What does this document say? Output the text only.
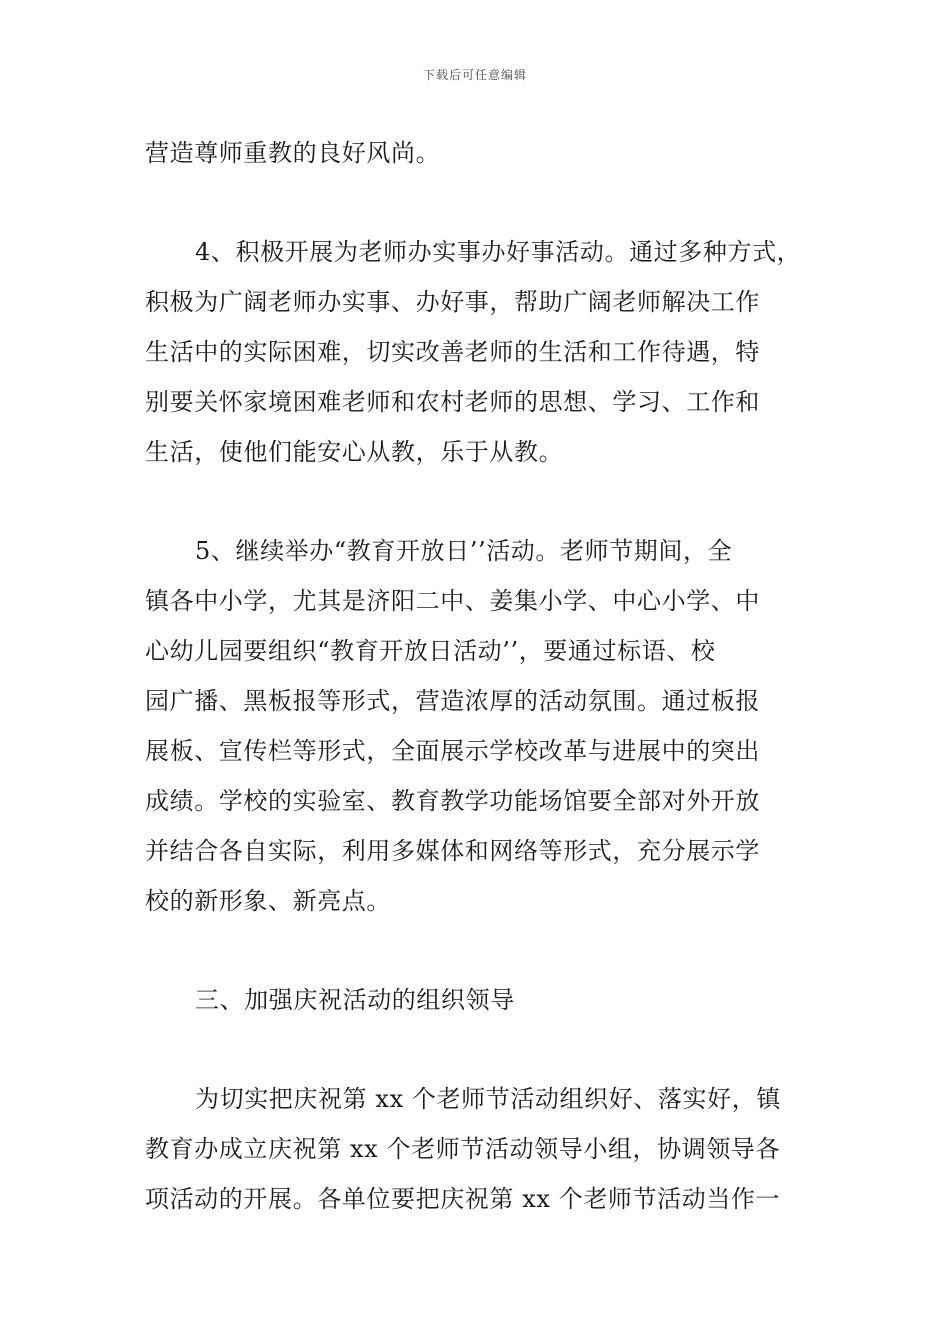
下载后可任意编辑
营造尊师重教的良好风尚。
4、积极开展为老师办实事办好事活动。通过多种方式，
积极为广阔老师办实事、办好事，帮助广阔老师解决工作
生活中的实际困难，切实改善老师的生活和工作待遇，特
别要关怀家境困难老师和农村老师的思想、学习、工作和
生活，使他们能安心从教，乐于从教。
5、继续举办“教育开放日’’活动。老师节期间，全
镇各中小学，尤其是济阳二中、姜集小学、中心小学、中
心幼儿园要组织“教育开放日活动’’，要通过标语、校
园广播、黑板报等形式，营造浓厚的活动氛围。通过板报
展板、宣传栏等形式，全面展示学校改革与进展中的突出
成绩。学校的实验室、教育教学功能场馆要全部对外开放
并结合各自实际，利用多媒体和网络等形式，充分展示学
校的新形象、新亮点。
三、加强庆祝活动的组织领导
为切实把庆祝第 xx 个老师节活动组织好、落实好，镇
教育办成立庆祝第 xx 个老师节活动领导小组，协调领导各
项活动的开展。各单位要把庆祝第 xx 个老师节活动当作一
